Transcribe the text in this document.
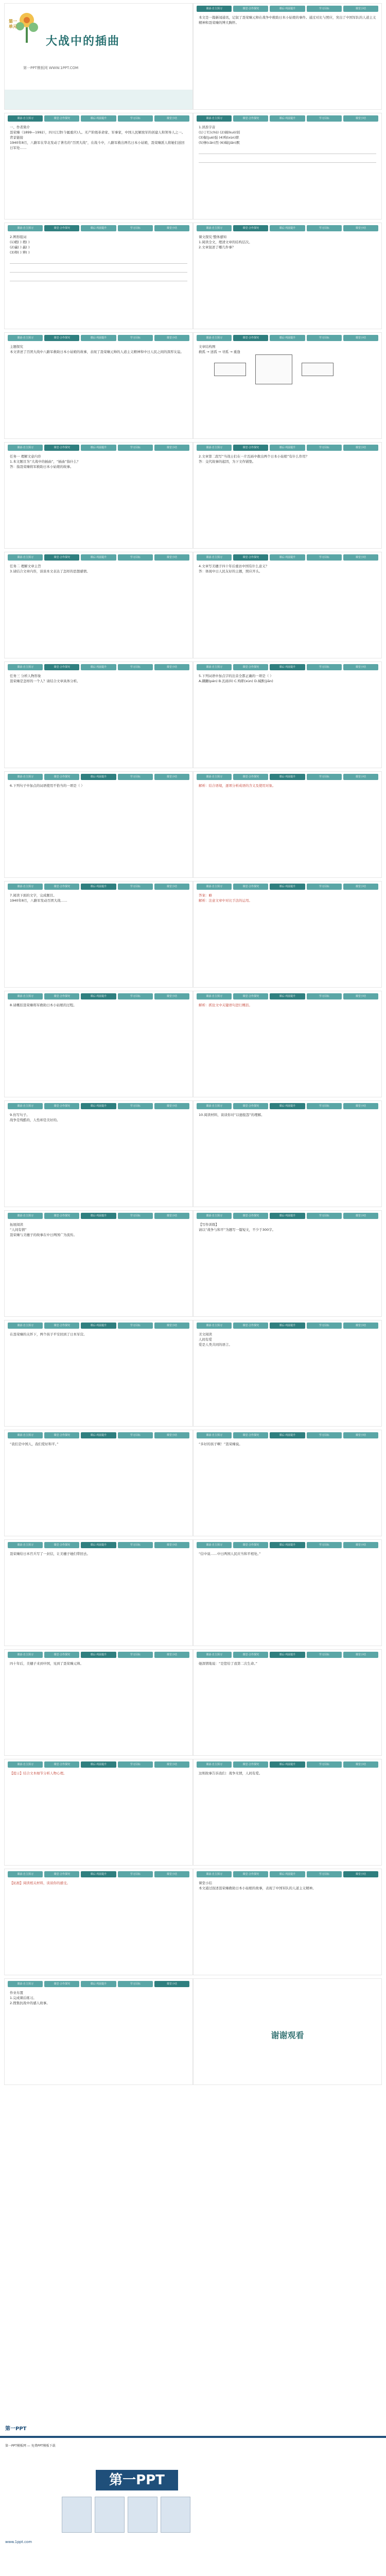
大战中的插曲
第一单元
第一PPT模板网 WWW.1PPT.COM
课前·自主预习	课堂·合作探究	课后·巩固提升	学习目标	课堂小结

本文是一篇新闻通讯，记叙了聂荣臻元帅在战争中救助日本小姑娘的事件。通过对比与照应，突出了中国军队的人道主义精神和聂荣臻的博大胸怀。

课前·自主预习	课堂·合作探究	课后·巩固提升	学习目标	课堂小结

一、作者简介
聂荣臻（1899—1992），四川江津(今属重庆)人。无产阶级革命家、军事家，中国人民解放军的创建人和领导人之一。
背景链接
1940年8月，八路军在华北发动了著名的“百团大战”，在战斗中，八路军救出两名日本小姑娘，聂荣臻派人将她们送回日军处……

课前·自主预习	课堂·合作探究	课后·巩固提升	学习目标	课堂小结

1.读准字音
(1)丁红(chǔ) (2)阔(kuò)别
(3)倔(juè)强 (4)殉(xùn)职
(5)惨(cǎn)烈 (6)缄(jiān)默

课前·自主预习	课堂·合作探究	课后·巩固提升	学习目标	课堂小结

2.辨形组词
(1)暇( ) 瑕( )
(2)赢( ) 羸( )
(3)辩( ) 辨( )

课前·自主预习	课堂·合作探究	课后·巩固提升	学习目标	课堂小结

课文探究·整体感知
1.阅读全文，理清文章的结构层次。
2.文章叙述了哪几件事？

课前·自主预习	课堂·合作探究	课后·巩固提升	学习目标	课堂小结

主题探究
本文讲述了百团大战中八路军救助日本小姑娘的故事，表现了聂荣臻元帅的人道主义精神和中日人民之间的深厚友谊。

课前·自主预习	课堂·合作探究	课后·巩固提升	学习目标	课堂小结

文章结构图
救孤 → 送孤 → 寻孤 → 重逢

课前·自主预习	课堂·合作探究	课后·巩固提升	学习目标	课堂小结

任务一 理解文意内容
1.本文题目为“大战中的插曲”，“插曲”指什么？
答：指聂荣臻将军救助日本小姑娘的故事。

课前·自主预习	课堂·合作探究	课后·巩固提升	学习目标	课堂小结

2.文章第二段写“当战士们在一片瓦砾中救出两个日本小姑娘”有什么作用？
答：交代故事的起因，为下文作铺垫。

课前·自主预习	课堂·合作探究	课后·巩固提升	学习目标	课堂小结

任务二 理解文章主旨
3.请结合文章内容，谈谈本文表达了怎样的思想感情。

课前·自主预习	课堂·合作探究	课后·巩固提升	学习目标	课堂小结

4.文章写美穗子四十年后重访中国有什么意义？
答：体现中日人民友好的主题，照应开头。

课前·自主预习	课堂·合作探究	课后·巩固提升	学习目标	课堂小结

任务三 分析人物形象
聂荣臻是怎样的一个人？请结合文章具体分析。

课前·自主预习	课堂·合作探究	课后·巩固提升	学习目标	课堂小结

5.下列词语中加点字的注音全都正确的一项是（ ）
A.蹒跚(pán) B.瓦砾(lì) C.殉职(xùn) D.缄默(jiān)

课前·自主预习	课堂·合作探究	课后·巩固提升	学习目标	课堂小结

6.下列句子中加点的词语使用不恰当的一项是（ ）

课前·自主预习	课堂·合作探究	课后·巩固提升	学习目标	课堂小结

解析：结合语境，逐项分析成语的含义及使用对象。

课前·自主预习	课堂·合作探究	课后·巩固提升	学习目标	课堂小结

7.阅读下面的文字，完成题目。
1940年8月，八路军发动百团大战……

课前·自主预习	课堂·合作探究	课后·巩固提升	学习目标	课堂小结

答案：略
解析：注意文章中对比手法的运用。

课前·自主预习	课堂·合作探究	课后·巩固提升	学习目标	课堂小结

8.请概括聂荣臻将军救助日本小姑娘的过程。

课前·自主预习	课堂·合作探究	课后·巩固提升	学习目标	课堂小结

解析：抓住文中关键语句进行概括。

课前·自主预习	课堂·合作探究	课后·巩固提升	学习目标	课堂小结

9.仿写句子。
战争是残酷的，人性却是美好的。

课前·自主预习	课堂·合作探究	课后·巩固提升	学习目标	课堂小结

10.阅读材料，谈谈你对“以德报怨”的理解。

课前·自主预习	课堂·合作探究	课后·巩固提升	学习目标	课堂小结

拓展阅读
“人间有情”
聂荣臻与美穗子的故事在中日两国广为流传。

课前·自主预习	课堂·合作探究	课后·巩固提升	学习目标	课堂小结

【写作训练】
请以“战争与和平”为题写一篇短文，不少于300字。

课前·自主预习	课堂·合作探究	课后·巩固提升	学习目标	课堂小结

在聂荣臻的关怀下，两个孩子平安回到了日本军营。

课前·自主预习	课堂·合作探究	课后·巩固提升	学习目标	课堂小结

美文阅读
人间有爱
爱是人类共同的语言。

课前·自主预习	课堂·合作探究	课后·巩固提升	学习目标	课堂小结

“我们是中国人，我们爱好和平。”

课前·自主预习	课堂·合作探究	课后·巩固提升	学习目标	课堂小结

“多好的孩子啊！”聂荣臻说。

课前·自主预习	课堂·合作探究	课后·巩固提升	学习目标	课堂小结

聂荣臻给日本官兵写了一封信，让美穗子她们带回去。

课前·自主预习	课堂·合作探究	课后·巩固提升	学习目标	课堂小结

“信中说……中日两国人民应当和平相处。”

课前·自主预习	课堂·合作探究	课后·巩固提升	学习目标	课堂小结

四十年后，美穗子来到中国，见到了聂荣臻元帅。

课前·自主预习	课堂·合作探究	课后·巩固提升	学习目标	课堂小结

她深情地说：“是您给了我第二次生命。”

课前·自主预习	课堂·合作探究	课后·巩固提升	学习目标	课堂小结

【提示】结合文本细节分析人物心理。

课前·自主预习	课堂·合作探究	课后·巩固提升	学习目标	课堂小结

这则故事告诉我们：战争无情，人间有爱。

课前·自主预习	课堂·合作探究	课后·巩固提升	学习目标	课堂小结

【拓展】阅读相关材料，谈谈你的感受。

课前·自主预习	课堂·合作探究	课后·巩固提升	学习目标	课堂小结

课堂小结
本文通过叙述聂荣臻救助日本小姑娘的故事，表现了中国军队的人道主义精神。

课前·自主预习	课堂·合作探究	课后·巩固提升	学习目标	课堂小结

作业布置
1.完成课后练习。
2.搜集抗战中的感人故事。

谢谢观看

第一PPT
第一PPT模板网 — 免费PPT模板下载
第一PPT
www.1ppt.com
